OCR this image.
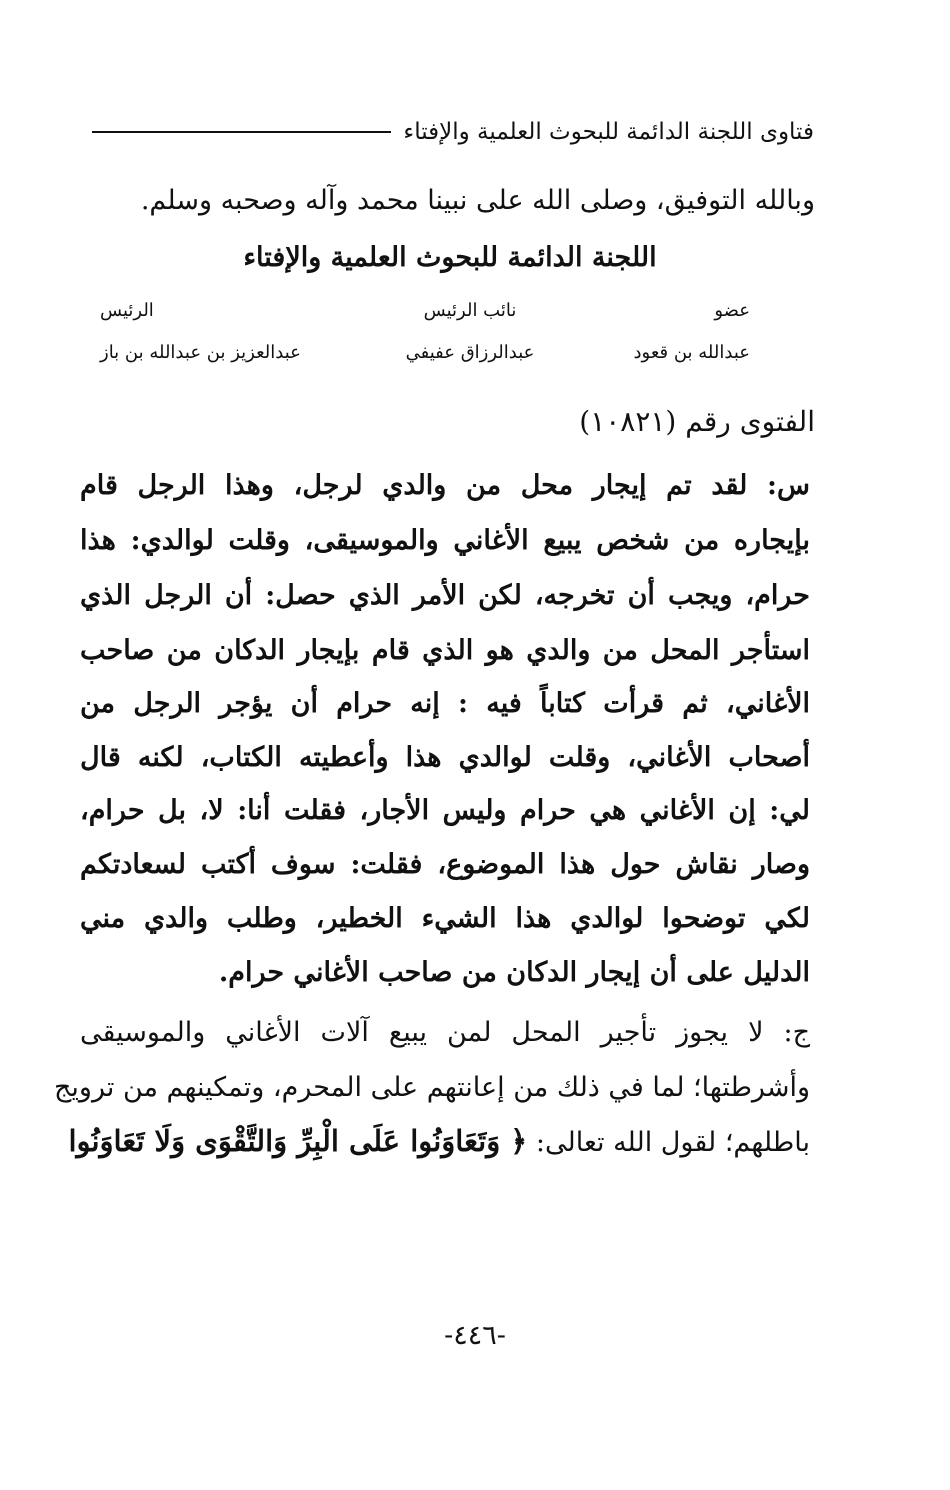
فتاوى اللجنة الدائمة للبحوث العلمية والإفتاء
وبالله التوفيق، وصلى الله على نبينا محمد وآله وصحبه وسلم.
اللجنة الدائمة للبحوث العلمية والإفتاء
عضو
نائب الرئيس
الرئيس
عبدالله بن قعود
عبدالرزاق عفيفي
عبدالعزيز بن عبدالله بن باز
الفتوى رقم (١٠٨٢١)
س: لقد تم إيجار محل من والدي لرجل، وهذا الرجل قام
بإيجاره من شخص يبيع الأغاني والموسيقى، وقلت لوالدي: هذا
حرام، ويجب أن تخرجه، لكن الأمر الذي حصل: أن الرجل الذي
استأجر المحل من والدي هو الذي قام بإيجار الدكان من صاحب
الأغاني، ثم قرأت كتاباً فيه : إنه حرام أن يؤجر الرجل من
أصحاب الأغاني، وقلت لوالدي هذا وأعطيته الكتاب، لكنه قال
لي: إن الأغاني هي حرام وليس الأجار، فقلت أنا: لا، بل حرام،
وصار نقاش حول هذا الموضوع، فقلت: سوف أكتب لسعادتكم
لكي توضحوا لوالدي هذا الشيء الخطير، وطلب والدي مني
الدليل على أن إيجار الدكان من صاحب الأغاني حرام.
ج: لا يجوز تأجير المحل لمن يبيع آلات الأغاني والموسيقى
وأشرطتها؛ لما في ذلك من إعانتهم على المحرم، وتمكينهم من ترويج
باطلهم؛ لقول الله تعالى: ﴿ وَتَعَاوَنُوا عَلَى الْبِرِّ وَالتَّقْوَى وَلَا تَعَاوَنُوا
-٤٤٦-
